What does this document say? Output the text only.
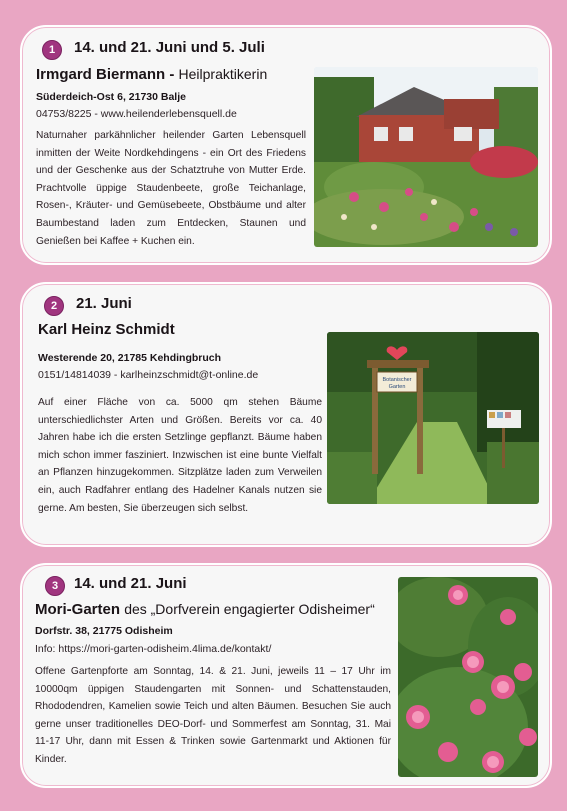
1	14. und 21. Juni und 5. Juli
Irmgard Biermann - Heilpraktikerin
Süderdeich-Ost 6, 21730 Balje
04753/8225 - www.heilenderlebensquell.de
Naturnaher parkähnlicher heilender Garten Lebensquell inmitten der Weite Nordkehdingens - ein Ort des Friedens und der Geschenke aus der Schatztruhe von Mutter Erde. Prachtvolle üppige Staudenbeete, große Teichanlage, Rosen-, Kräuter- und Gemüsebeete, Obstbäume und alter Baumbestand laden zum Entdecken, Staunen und Genießen bei Kaffee + Kuchen ein.
2	21. Juni
Karl Heinz Schmidt
Westerende 20, 21785 Kehdingbruch
0151/14814039 - karlheinzschmidt@t-online.de
Auf einer Fläche von ca. 5000 qm stehen Bäume unterschiedlichster Arten und Größen. Bereits vor ca. 40 Jahren habe ich die ersten Setzlinge gepflanzt. Bäume haben mich schon immer fasziniert. Inzwischen ist eine bunte Vielfalt an Pflanzen hinzugekommen. Sitzplätze laden zum Verweilen ein, auch Radfahrer entlang des Hadelner Kanals nutzen sie gerne. Am besten, Sie überzeugen sich selbst.
Botanischer
Garten
3	14. und 21. Juni
Mori-Garten des „Dorfverein engagierter Odisheimer“
Dorfstr. 38, 21775 Odisheim
Info: https://mori-garten-odisheim.4lima.de/kontakt/
Offene Gartenpforte am Sonntag, 14. & 21. Juni, jeweils 11 – 17 Uhr im 10000qm üppigen Staudengarten mit Sonnen- und Schattenstauden, Rhododendren, Kamelien sowie Teich und alten Bäumen. Besuchen Sie auch gerne unser traditionelles DEO-Dorf- und Sommerfest am Sonntag, 31. Mai 11-17 Uhr, dann mit Essen & Trinken sowie Gartenmarkt und Aktionen für Kinder.
